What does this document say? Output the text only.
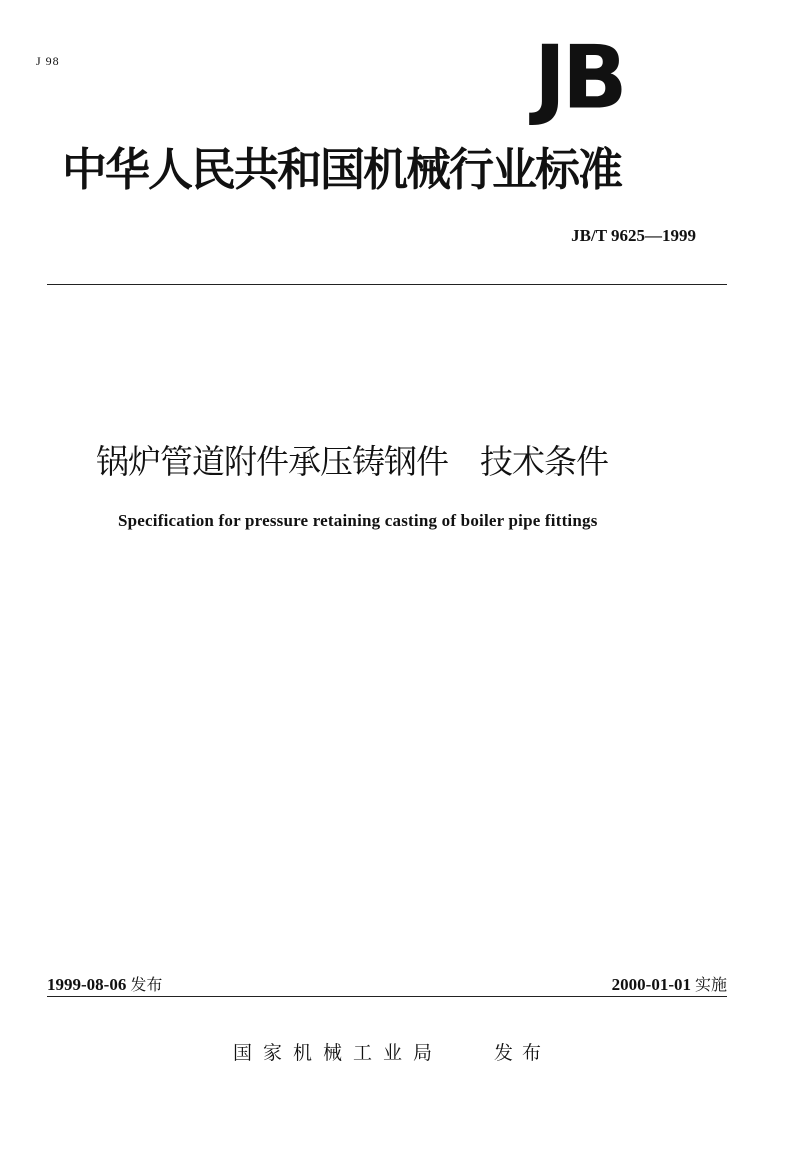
J 98	JB
中华人民共和国机械行业标准
JB/T 9625—1999
锅炉管道附件承压铸钢件　技术条件
Specification for pressure retaining casting of boiler pipe fittings
1999-08-06 发布	2000-01-01 实施
国家机械工业局	发布
